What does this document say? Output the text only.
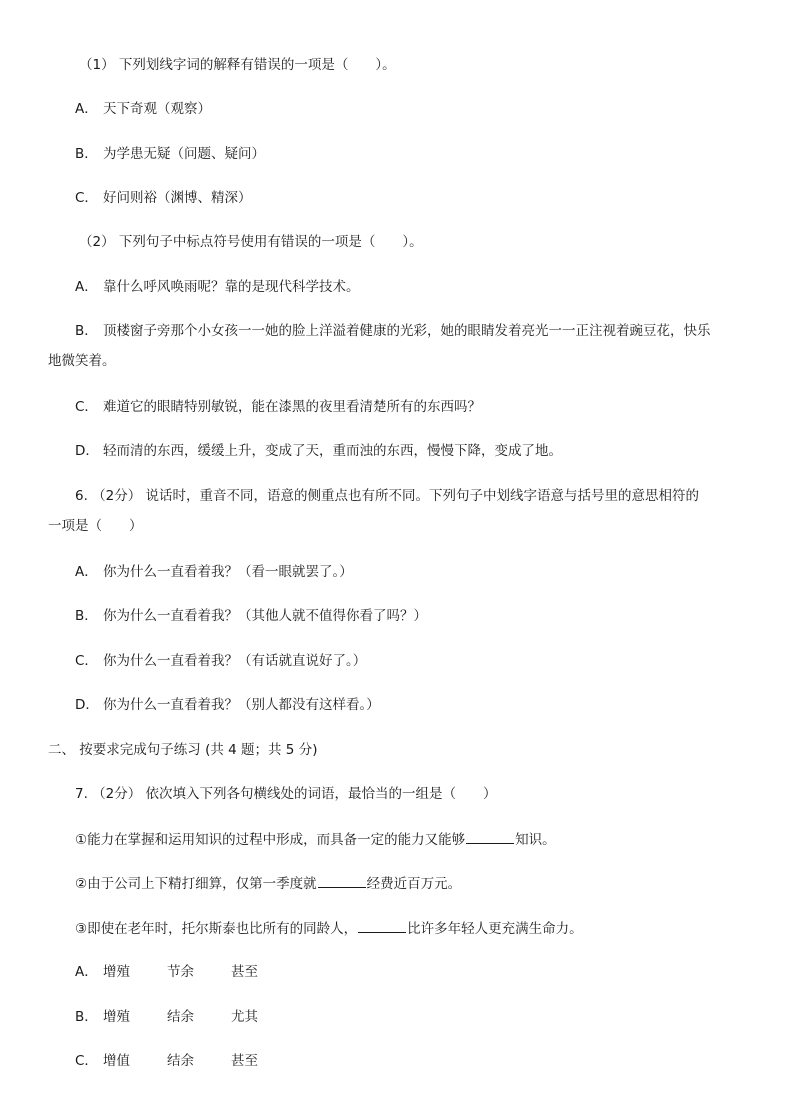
（1） 下列划线字词的解释有错误的一项是（　　）。
A． 天下奇观（观察）
B． 为学患无疑（问题、疑问）
C． 好问则裕（渊博、精深）
（2） 下列句子中标点符号使用有错误的一项是（　　）。
A． 靠什么呼风唤雨呢？靠的是现代科学技术。
B． 顶楼窗子旁那个小女孩一一她的脸上洋溢着健康的光彩，她的眼睛发着亮光一一正注视着豌豆花，快乐
地微笑着。
C． 难道它的眼睛特别敏锐，能在漆黑的夜里看清楚所有的东西吗？
D． 轻而清的东西，缓缓上升，变成了天，重而浊的东西，慢慢下降，变成了地。
6. （2分） 说话时，重音不同，语意的侧重点也有所不同。下列句子中划线字语意与括号里的意思相符的
一项是（　　）
A． 你为什么一直看着我？（看一眼就罢了。）
B． 你为什么一直看着我？（其他人就不值得你看了吗？）
C． 你为什么一直看着我？（有话就直说好了。）
D． 你为什么一直看着我？（别人都没有这样看。）
二、 按要求完成句子练习 (共 4 题；共 5 分)
7. （2分） 依次填入下列各句横线处的词语，最恰当的一组是（　　）
①能力在掌握和运用知识的过程中形成，而具备一定的能力又能够	知识。
②由于公司上下精打细算，仅第一季度就	经费近百万元。
③即使在老年时，托尔斯泰也比所有的同龄人，	比许多年轻人更充满生命力。
A． 增殖	节余	甚至
B． 增殖	结余	尤其
C． 增值	结余	甚至
